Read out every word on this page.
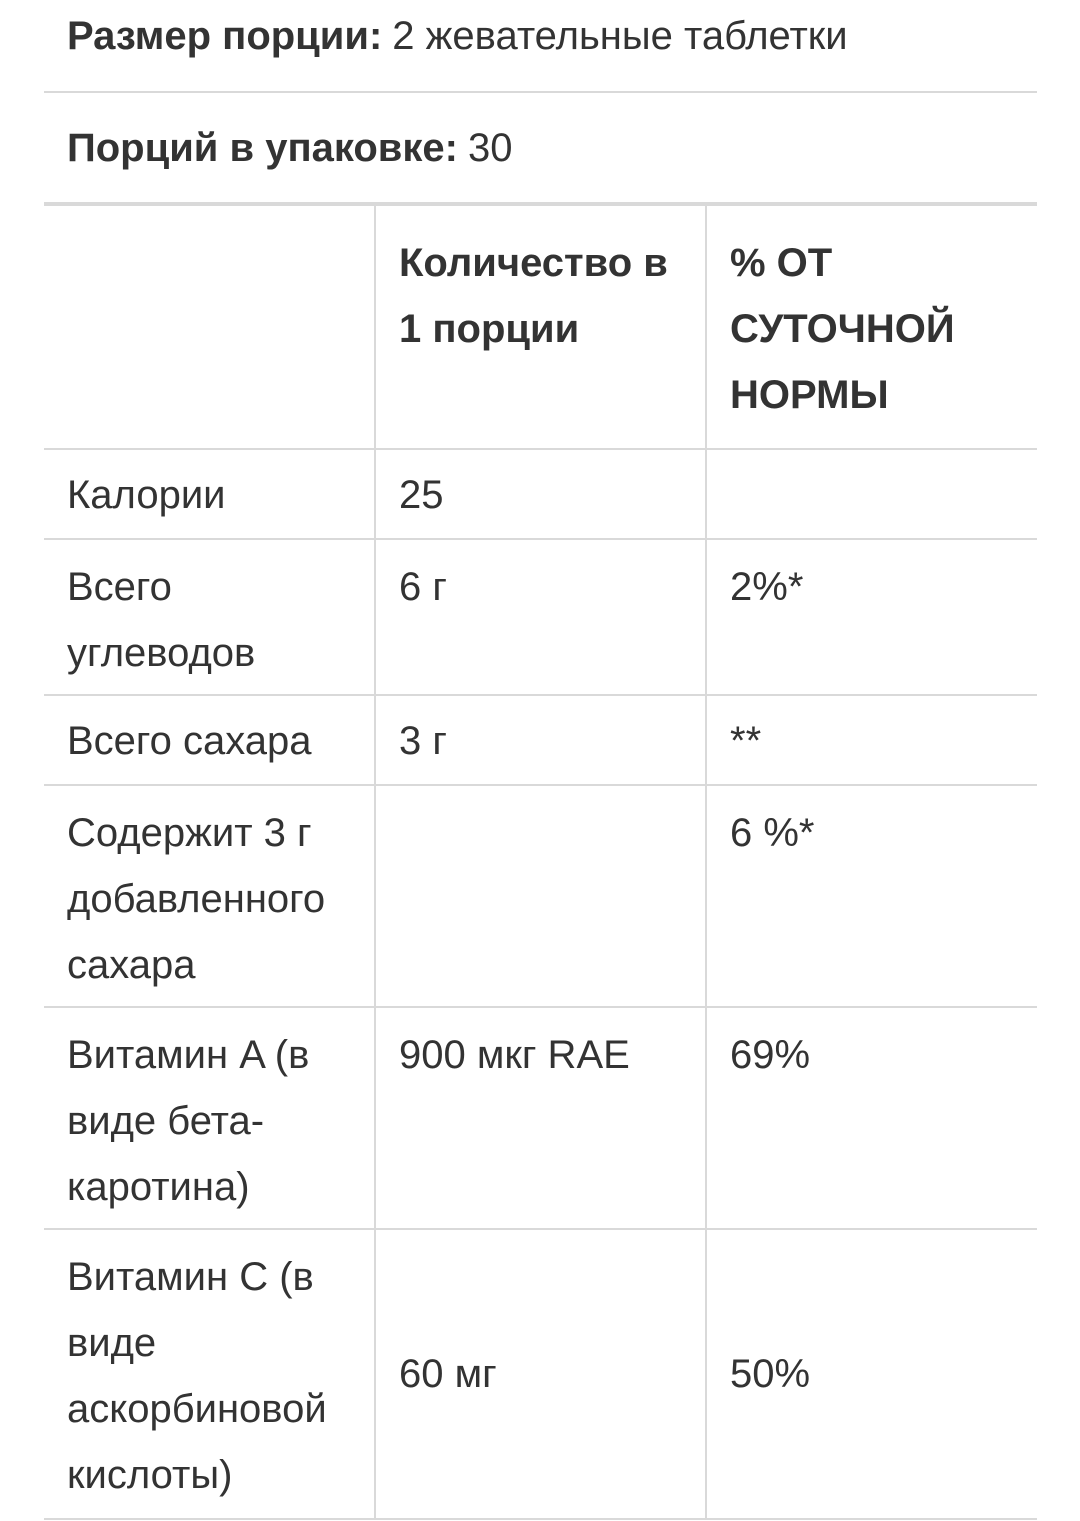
Размер порции: 2 жевательные таблетки
Порций в упаковке: 30
	Количество в 1 порции	% ОТ СУТОЧНОЙ НОРМЫ
Калории	25	
Всего углеводов	6 г	2%*
Всего сахара	3 г	**
Содержит 3 г добавленного сахара		6 %*
Витамин A (в виде бета-каротина)	900 мкг RAE	69%
Витамин C (в виде аскорбиновой кислоты)	60 мг	50%
